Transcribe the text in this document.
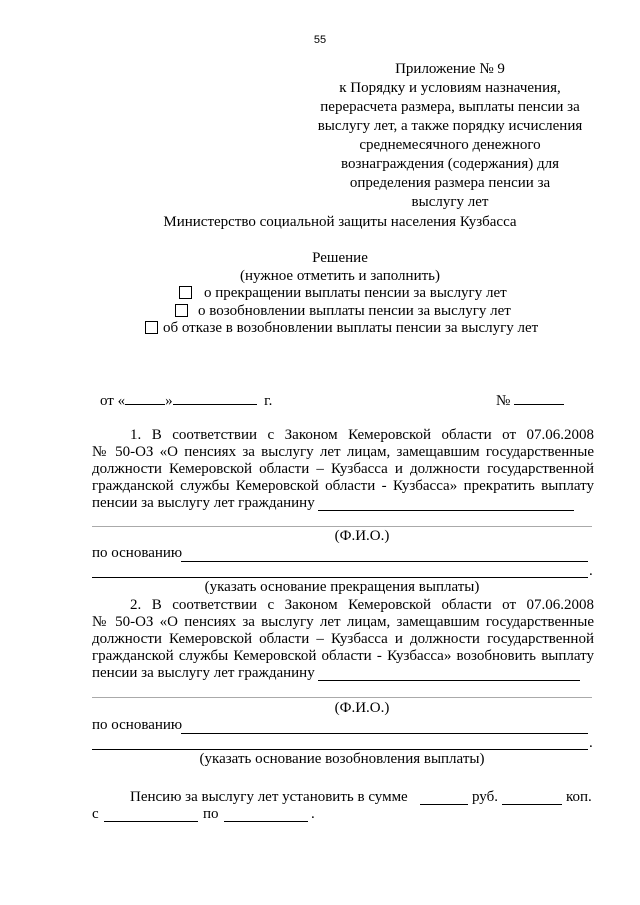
55
Приложение № 9
к Порядку и условиям назначения,
перерасчета размера, выплаты пенсии за
выслугу лет, а также порядку исчисления
среднемесячного денежного
вознаграждения (содержания) для
определения размера пенсии за
выслугу лет
Министерство социальной защиты населения Кузбасса
Решение
(нужное отметить и заполнить)
о прекращении выплаты пенсии за выслугу лет
о возобновлении выплаты пенсии за выслугу лет
об отказе в возобновлении выплаты пенсии за выслугу лет
от «	»	г.	№
1. В соответствии с Законом Кемеровской области от 07.06.2008
№ 50-ОЗ «О пенсиях за выслугу лет лицам, замещавшим государственные
должности Кемеровской области – Кузбасса и должности государственной
гражданской службы Кемеровской области - Кузбасса» прекратить выплату
пенсии за выслугу лет гражданину
(Ф.И.О.)
по основанию
.
(указать основание прекращения выплаты)
2. В соответствии с Законом Кемеровской области от 07.06.2008
№ 50-ОЗ «О пенсиях за выслугу лет лицам, замещавшим государственные
должности Кемеровской области – Кузбасса и должности государственной
гражданской службы Кемеровской области - Кузбасса» возобновить выплату
пенсии за выслугу лет гражданину
(Ф.И.О.)
по основанию
.
(указать основание возобновления выплаты)
Пенсию за выслугу лет установить в сумме	руб.	коп.
с	по	.
